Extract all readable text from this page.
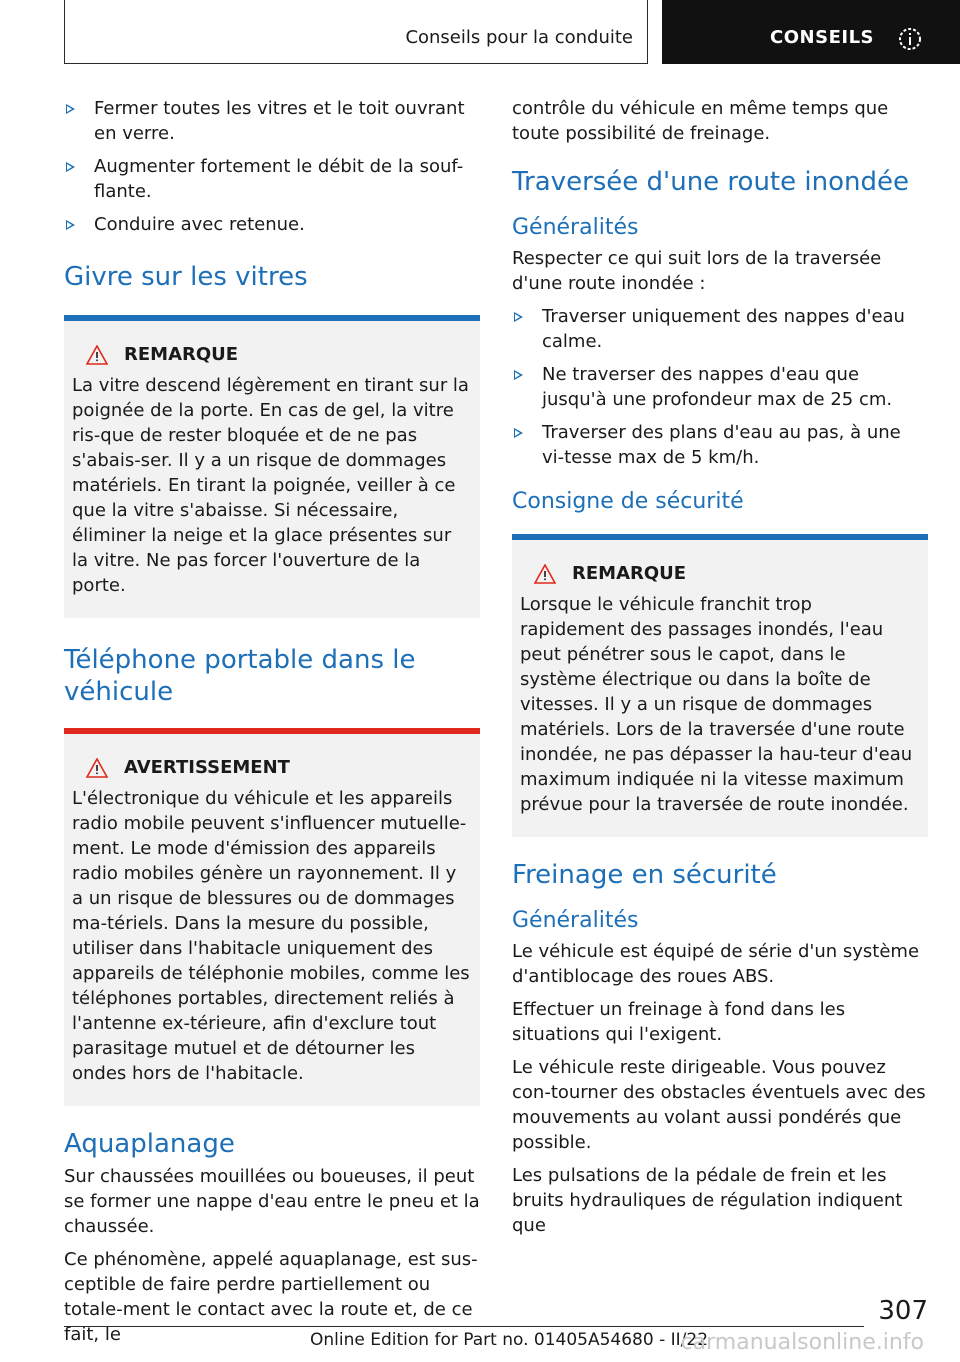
Conseils pour la conduite	CONSEILS
Fermer toutes les vitres et le toit ouvrant en verre.
Augmenter fortement le débit de la souf-flante.
Conduire avec retenue.
Givre sur les vitres
REMARQUE
La vitre descend légèrement en tirant sur la poignée de la porte. En cas de gel, la vitre ris-que de rester bloquée et de ne pas s'abais-ser. Il y a un risque de dommages matériels. En tirant la poignée, veiller à ce que la vitre s'abaisse. Si nécessaire, éliminer la neige et la glace présentes sur la vitre. Ne pas forcer l'ouverture de la porte.
Téléphone portable dans le véhicule
AVERTISSEMENT
L'électronique du véhicule et les appareils radio mobile peuvent s'influencer mutuelle-ment. Le mode d'émission des appareils radio mobiles génère un rayonnement. Il y a un risque de blessures ou de dommages ma-tériels. Dans la mesure du possible, utiliser dans l'habitacle uniquement des appareils de téléphonie mobiles, comme les téléphones portables, directement reliés à l'antenne ex-térieure, afin d'exclure tout parasitage mutuel et de détourner les ondes hors de l'habitacle.
Aquaplanage

Sur chaussées mouillées ou boueuses, il peut se former une nappe d'eau entre le pneu et la chaussée.

Ce phénomène, appelé aquaplanage, est sus-ceptible de faire perdre partiellement ou totale-ment le contact avec la route et, de ce fait, le

contrôle du véhicule en même temps que toute possibilité de freinage.

Traversée d'une route inondée
Généralités

Respecter ce qui suit lors de la traversée d'une route inondée :

Traverser uniquement des nappes d'eau calme.
Ne traverser des nappes d'eau que jusqu'à une profondeur max de 25 cm.
Traverser des plans d'eau au pas, à une vi-tesse max de 5 km/h.
Consigne de sécurité
REMARQUE
Lorsque le véhicule franchit trop rapidement des passages inondés, l'eau peut pénétrer sous le capot, dans le système électrique ou dans la boîte de vitesses. Il y a un risque de dommages matériels. Lors de la traversée d'une route inondée, ne pas dépasser la hau-teur d'eau maximum indiquée ni la vitesse maximum prévue pour la traversée de route inondée.
Freinage en sécurité
Généralités

Le véhicule est équipé de série d'un système d'antiblocage des roues ABS.

Effectuer un freinage à fond dans les situations qui l'exigent.

Le véhicule reste dirigeable. Vous pouvez con-tourner des obstacles éventuels avec des mouvements au volant aussi pondérés que possible.

Les pulsations de la pédale de frein et les bruits hydrauliques de régulation indiquent que

307
Online Edition for Part no. 01405A54680 - II/22
carmanualsonline.info
